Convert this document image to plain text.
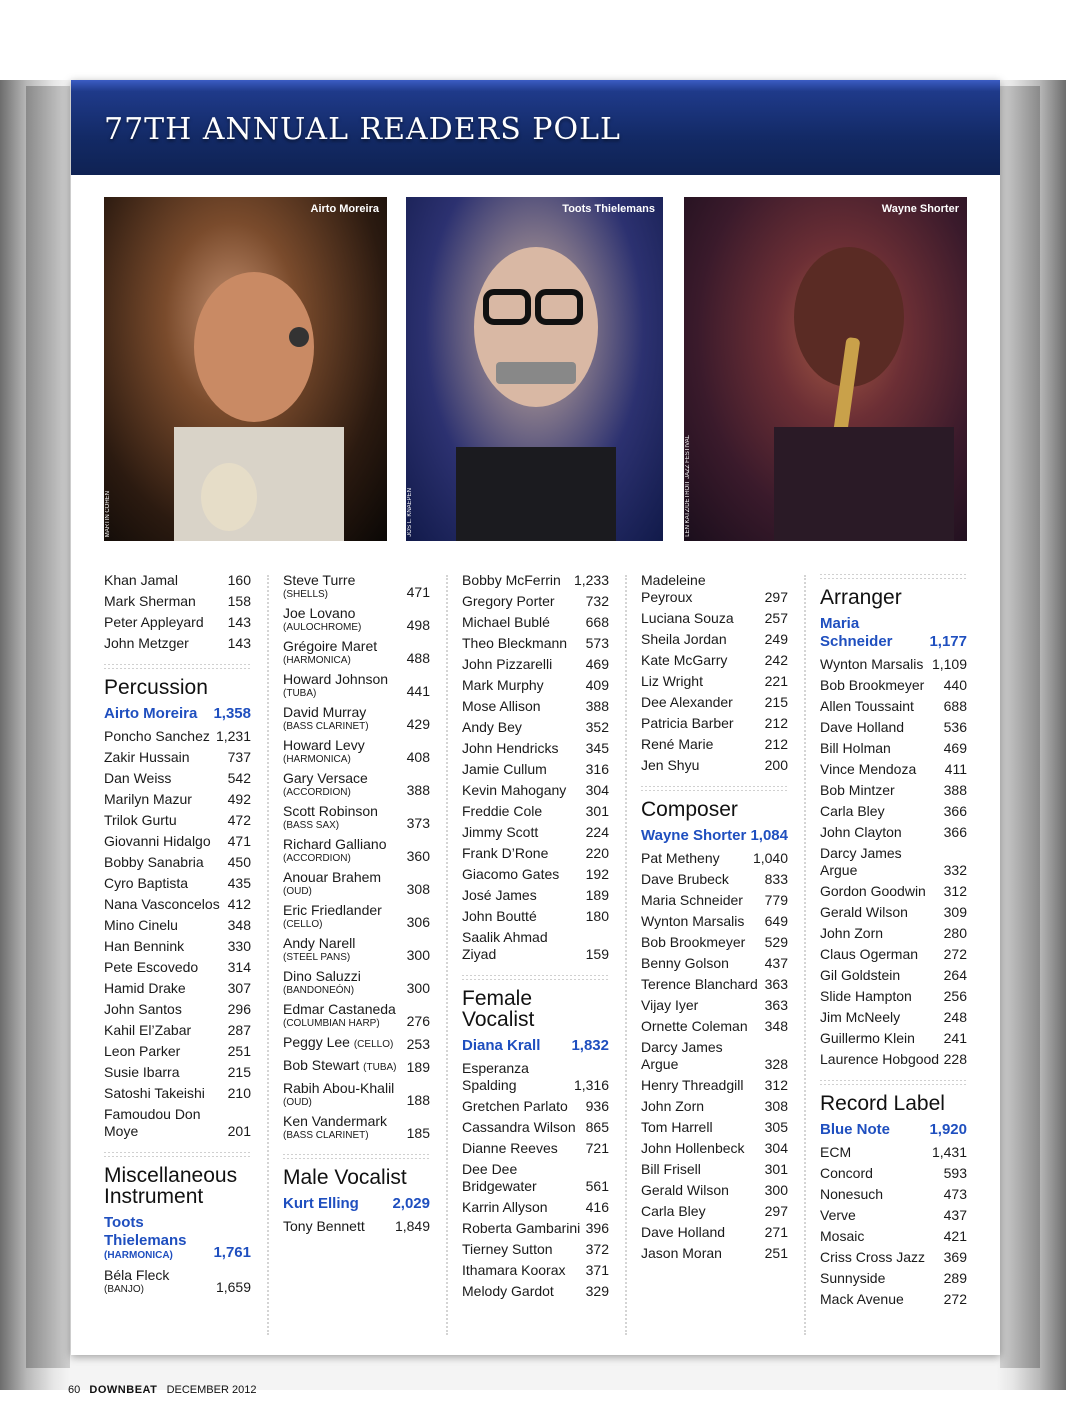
77TH ANNUAL READERS POLL
Airto Moreira
MARTIN COHEN
Toots Thielemans
JOS L. KNAEPEN
Wayne Shorter
LEN KATZ/DETROIT JAZZ FESTIVAL
Khan Jamal	160
Mark Sherman	158
Peter Appleyard	143
John Metzger	143
Percussion
Airto Moreira 1,358
Poncho Sanchez 1,231
Zakir Hussain	737
Dan Weiss	542
Marilyn Mazur	492
Trilok Gurtu	472
Giovanni Hidalgo	471
Bobby Sanabria	450
Cyro Baptista	435
Nana Vasconcelos 412
Mino Cinelu	348
Han Bennink	330
Pete Escovedo	314
Hamid Drake	307
John Santos	296
Kahil El’Zabar	287
Leon Parker	251
Susie Ibarra	215
Satoshi Takeishi	210
Famoudou Don Moye	201
Miscellaneous Instrument
Toots Thielemans
(HARMONICA)	1,761
Béla Fleck
(BANJO)	1,659
Steve Turre
(SHELLS)	471
Joe Lovano
(AULOCHROME)	498
Grégoire Maret
(HARMONICA)	488
Howard Johnson
(TUBA)	441
David Murray
(BASS CLARINET)	429
Howard Levy
(HARMONICA)	408
Gary Versace
(ACCORDION)	388
Scott Robinson
(BASS SAX)	373
Richard Galliano
(ACCORDION)	360
Anouar Brahem
(OUD)	308
Eric Friedlander
(CELLO)	306
Andy Narell
(STEEL PANS)	300
Dino Saluzzi
(BANDONEÓN)	300
Edmar Castaneda
(COLUMBIAN HARP)	276
Peggy Lee (CELLO) 253
Bob Stewart (TUBA) 189
Rabih Abou-Khalil
(OUD)	188
Ken Vandermark
(BASS CLARINET)	185
Male Vocalist
Kurt Elling 2,029
Tony Bennett	1,849
Bobby McFerrin 1,233
Gregory Porter	732
Michael Bublé	668
Theo Bleckmann	573
John Pizzarelli	469
Mark Murphy	409
Mose Allison	388
Andy Bey	352
John Hendricks	345
Jamie Cullum	316
Kevin Mahogany	304
Freddie Cole	301
Jimmy Scott	224
Frank D’Rone	220
Giacomo Gates	192
José James	189
John Boutté	180
Saalik Ahmad Ziyad	159
Female Vocalist
Diana Krall 1,832
Esperanza Spalding	1,316
Gretchen Parlato	936
Cassandra Wilson 865
Dianne Reeves	721
Dee Dee Bridgewater	561
Karrin Allyson	416
Roberta Gambarini 396
Tierney Sutton	372
Ithamara Koorax	371
Melody Gardot	329
Madeleine Peyroux	297
Luciana Souza	257
Sheila Jordan	249
Kate McGarry	242
Liz Wright	221
Dee Alexander	215
Patricia Barber	212
René Marie	212
Jen Shyu	200
Composer
Wayne Shorter 1,084
Pat Metheny	1,040
Dave Brubeck	833
Maria Schneider	779
Wynton Marsalis	649
Bob Brookmeyer	529
Benny Golson	437
Terence Blanchard 363
Vijay Iyer	363
Ornette Coleman	348
Darcy James Argue	328
Henry Threadgill	312
John Zorn	308
Tom Harrell	305
John Hollenbeck	304
Bill Frisell	301
Gerald Wilson	300
Carla Bley	297
Dave Holland	271
Jason Moran	251
Arranger
Maria Schneider	1,177
Wynton Marsalis 1,109
Bob Brookmeyer	440
Allen Toussaint	688
Dave Holland	536
Bill Holman	469
Vince Mendoza	411
Bob Mintzer	388
Carla Bley	366
John Clayton	366
Darcy James Argue	332
Gordon Goodwin	312
Gerald Wilson	309
John Zorn	280
Claus Ogerman	272
Gil Goldstein	264
Slide Hampton	256
Jim McNeely	248
Guillermo Klein	241
Laurence Hobgood 228
Record Label
Blue Note	1,920
ECM	1,431
Concord	593
Nonesuch	473
Verve	437
Mosaic	421
Criss Cross Jazz	369
Sunnyside	289
Mack Avenue	272
60 DOWNBEAT DECEMBER 2012
